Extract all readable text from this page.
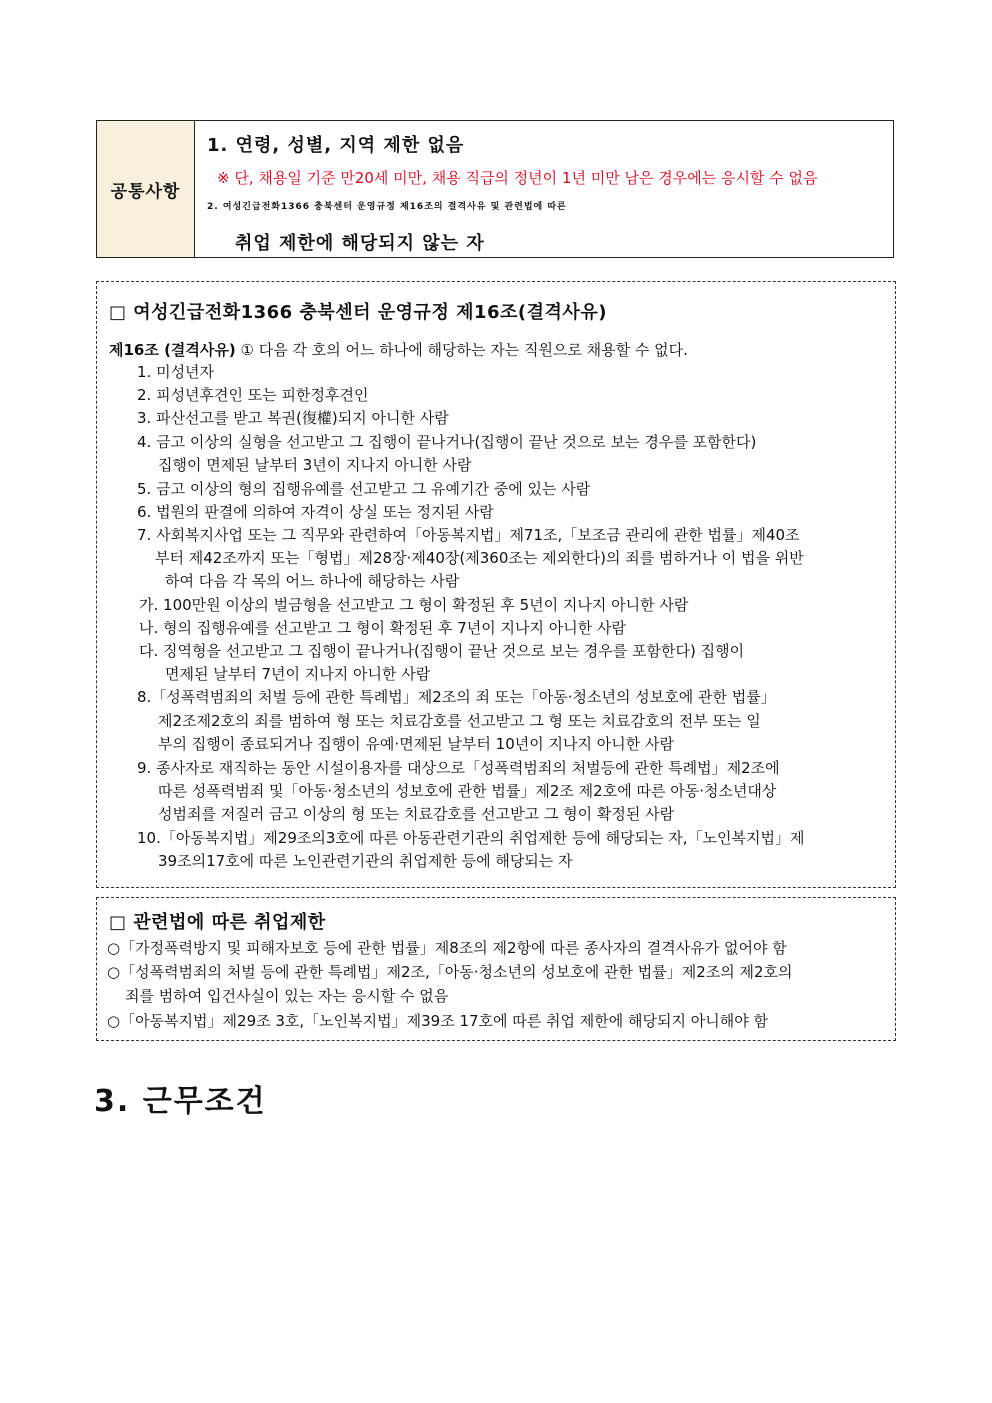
공통사항
1. 연령, 성별, 지역 제한 없음
※ 단, 채용일 기준 만20세 미만, 채용 직급의 정년이 1년 미만 남은 경우에는 응시할 수 없음
2. 여성긴급전화1366 충북센터 운영규정 제16조의 결격사유 및 관련법에 따른
취업 제한에 해당되지 않는 자
□ 여성긴급전화1366 충북센터 운영규정 제16조(결격사유)
제16조 (결격사유) ① 다음 각 호의 어느 하나에 해당하는 자는 직원으로 채용할 수 없다.
1. 미성년자
2. 피성년후견인 또는 피한정후견인
3. 파산선고를 받고 복권(復權)되지 아니한 사람
4. 금고 이상의 실형을 선고받고 그 집행이 끝나거나(집행이 끝난 것으로 보는 경우를 포함한다)
집행이 면제된 날부터 3년이 지나지 아니한 사람
5. 금고 이상의 형의 집행유예를 선고받고 그 유예기간 중에 있는 사람
6. 법원의 판결에 의하여 자격이 상실 또는 정지된 사람
7. 사회복지사업 또는 그 직무와 관련하여「아동복지법」제71조,「보조금 관리에 관한 법률」제40조
부터 제42조까지 또는「형법」제28장·제40장(제360조는 제외한다)의 죄를 범하거나 이 법을 위반
하여 다음 각 목의 어느 하나에 해당하는 사람
가. 100만원 이상의 벌금형을 선고받고 그 형이 확정된 후 5년이 지나지 아니한 사람
나. 형의 집행유예를 선고받고 그 형이 확정된 후 7년이 지나지 아니한 사람
다. 징역형을 선고받고 그 집행이 끝나거나(집행이 끝난 것으로 보는 경우를 포함한다) 집행이
면제된 날부터 7년이 지나지 아니한 사람
8.「성폭력범죄의 처벌 등에 관한 특례법」제2조의 죄 또는「아동·청소년의 성보호에 관한 법률」
제2조제2호의 죄를 범하여 형 또는 치료감호를 선고받고 그 형 또는 치료감호의 전부 또는 일
부의 집행이 종료되거나 집행이 유예·면제된 날부터 10년이 지나지 아니한 사람
9. 종사자로 재직하는 동안 시설이용자를 대상으로「성폭력범죄의 처벌등에 관한 특례법」제2조에
따른 성폭력범죄 및「아동·청소년의 성보호에 관한 법률」제2조 제2호에 따른 아동·청소년대상
성범죄를 저질러 금고 이상의 형 또는 치료감호를 선고받고 그 형이 확정된 사람
10.「아동복지법」제29조의3호에 따른 아동관련기관의 취업제한 등에 해당되는 자,「노인복지법」제
39조의17호에 따른 노인관련기관의 취업제한 등에 해당되는 자
□ 관련법에 따른 취업제한
○「가정폭력방지 및 피해자보호 등에 관한 법률」제8조의 제2항에 따른 종사자의 결격사유가 없어야 함
○「성폭력범죄의 처벌 등에 관한 특례법」제2조,「아동·청소년의 성보호에 관한 법률」제2조의 제2호의
죄를 범하여 입건사실이 있는 자는 응시할 수 없음
○「아동복지법」제29조 3호,「노인복지법」제39조 17호에 따른 취업 제한에 해당되지 아니해야 함
3. 근무조건
